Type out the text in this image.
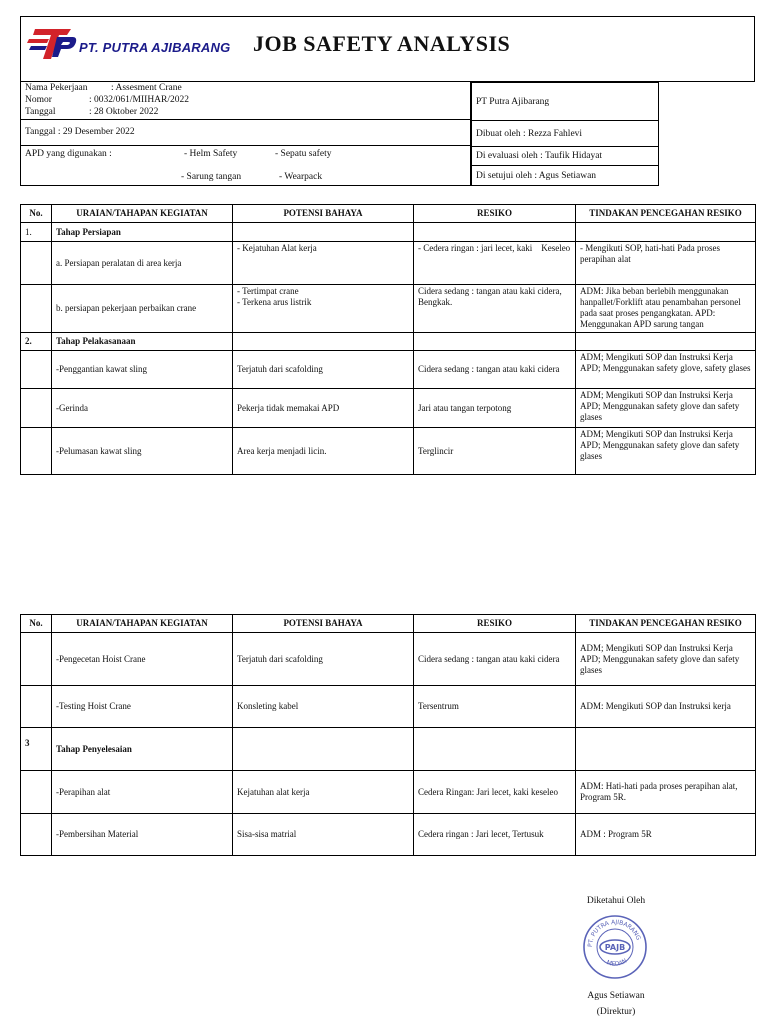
PT. PUTRA AJIBARANG JOB SAFETY ANALYSIS
Nama Pekerjaan : Assesment Crane
Nomor	: 0032/061/MIIHAR/2022
Tanggal	: 28 Oktober 2022
Tanggal : 29 Desember 2022
APD yang digunakan :	- Helm Safety	- Sepatu safety
- Sarung tangan	- Wearpack
PT Putra Ajibarang
Dibuat oleh : Rezza Fahlevi
Di evaluasi oleh : Taufik Hidayat
Di setujui oleh : Agus Setiawan
No.	URAIAN/TAHAPAN KEGIATAN	POTENSI BAHAYA	RESIKO	TINDAKAN PENCEGAHAN RESIKO
1.	Tahap Persiapan			
	a. Persiapan peralatan di area kerja	- Kejatuhan Alat kerja	- Cedera ringan : jari lecet, kaki    Keseleo	- Mengikuti SOP, hati-hati Pada proses perapihan alat
	b. persiapan pekerjaan perbaikan crane	- Tertimpat crane
- Terkena arus listrik	Cidera sedang : tangan atau kaki cidera, Bengkak.	ADM: Jika beban berlebih menggunakan hanpallet/Forklift atau penambahan personel pada saat proses pengangkatan. APD: Menggunakan APD sarung tangan
2.	Tahap Pelakasanaan			
	-Penggantian kawat sling	Terjatuh dari scafolding	Cidera sedang : tangan atau kaki cidera	ADM; Mengikuti SOP dan Instruksi Kerja APD; Menggunakan safety glove, safety glases
	-Gerinda	Pekerja tidak memakai APD	Jari atau tangan terpotong	ADM; Mengikuti SOP dan Instruksi Kerja APD; Menggunakan safety glove dan safety glases
	-Pelumasan kawat sling	Area kerja menjadi licin.	Terglincir	ADM; Mengikuti SOP dan Instruksi Kerja APD; Menggunakan safety glove dan safety glases
No.	URAIAN/TAHAPAN KEGIATAN	POTENSI BAHAYA	RESIKO	TINDAKAN PENCEGAHAN RESIKO
	-Pengecetan Hoist Crane	Terjatuh dari scafolding	Cidera sedang : tangan atau kaki cidera	ADM; Mengikuti SOP dan Instruksi Kerja APD; Menggunakan safety glove dan safety glases
	-Testing Hoist Crane	Konsleting kabel	Tersentrum	ADM: Mengikuti SOP dan Instruksi kerja
3	Tahap Penyelesaian			
	-Perapihan alat	Kejatuhan alat kerja	Cedera Ringan: Jari lecet, kaki keseleo	ADM: Hati-hati pada proses perapihan alat, Program 5R.
	-Pembersihan Material	Sisa-sisa matrial	Cedera ringan : Jari lecet, Tertusuk	ADM : Program 5R
Diketahui Oleh
PT. PUTRA AJIBARANG
PAJB
MEDAN
Agus Setiawan
(Direktur)
